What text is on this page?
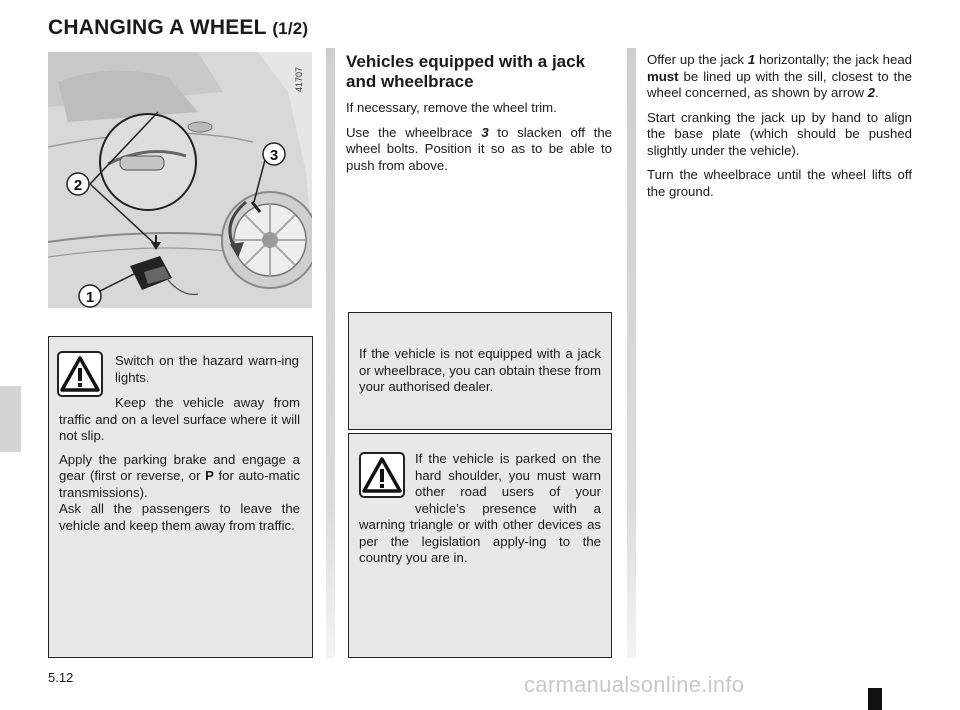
CHANGING A WHEEL (1/2)
2
3
1
41707
Vehicles equipped with a jack and wheelbrace

If necessary, remove the wheel trim.

Use the wheelbrace 3 to slacken off the wheel bolts. Position it so as to be able to push from above.

Offer up the jack 1 horizontally; the jack head must be lined up with the sill, closest to the wheel concerned, as shown by arrow 2.

Start cranking the jack up by hand to align the base plate (which should be pushed slightly under the vehicle).

Turn the wheelbrace until the wheel lifts off the ground.

Switch on the hazard warn-ing lights.

Keep the vehicle away from traffic and on a level surface where it will not slip.

Apply the parking brake and engage a gear (first or reverse, or P for auto-matic transmissions).
Ask all the passengers to leave the vehicle and keep them away from traffic.

If the vehicle is not equipped with a jack or wheelbrace, you can obtain these from your authorised dealer.
If the vehicle is parked on the hard shoulder, you must warn other road users of your vehicle’s presence with a warning triangle or with other devices as per the legislation apply-ing to the country you are in.
5.12	carmanualsonline.info
